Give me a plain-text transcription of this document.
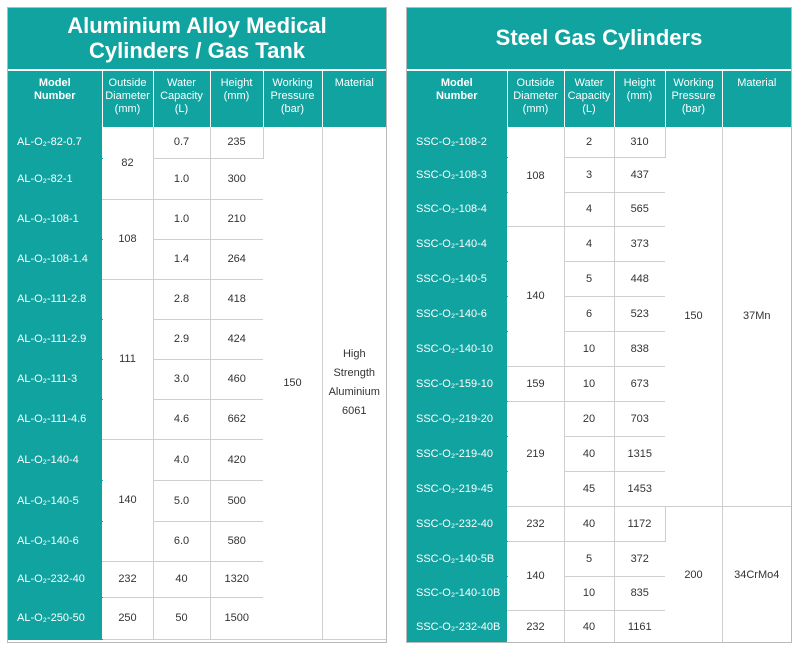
Aluminium Alloy Medical
Cylinders / Gas Tank
Model
Number	Outside
Diameter
(mm)	Water
Capacity
(L)	Height
(mm)	Working
Pressure
(bar)	Material
AL-O₂-82-0.7	82	0.7	235	150	High
Strength
Aluminium
6061
AL-O₂-82-1		1.0	300		
AL-O₂-108-1	108	1.0	210		
AL-O₂-108-1.4		1.4	264		
AL-O₂-111-2.8	111	2.8	418		
AL-O₂-111-2.9		2.9	424		
AL-O₂-111-3		3.0	460		
AL-O₂-111-4.6		4.6	662		
AL-O₂-140-4	140	4.0	420		
AL-O₂-140-5		5.0	500		
AL-O₂-140-6		6.0	580		
AL-O₂-232-40	232	40	1320		
AL-O₂-250-50	250	50	1500		
Steel Gas Cylinders
Model
Number	Outside
Diameter
(mm)	Water
Capacity
(L)	Height
(mm)	Working
Pressure
(bar)	Material
SSC-O₂-108-2	108	2	310	150	37Mn
SSC-O₂-108-3		3	437		
SSC-O₂-108-4		4	565		
SSC-O₂-140-4	140	4	373		
SSC-O₂-140-5		5	448		
SSC-O₂-140-6		6	523		
SSC-O₂-140-10		10	838		
SSC-O₂-159-10	159	10	673		
SSC-O₂-219-20	219	20	703		
SSC-O₂-219-40		40	1315		
SSC-O₂-219-45		45	1453		
SSC-O₂-232-40	232	40	1172	200	34CrMo4
SSC-O₂-140-5B	140	5	372		
SSC-O₂-140-10B		10	835		
SSC-O₂-232-40B	232	40	1161		
